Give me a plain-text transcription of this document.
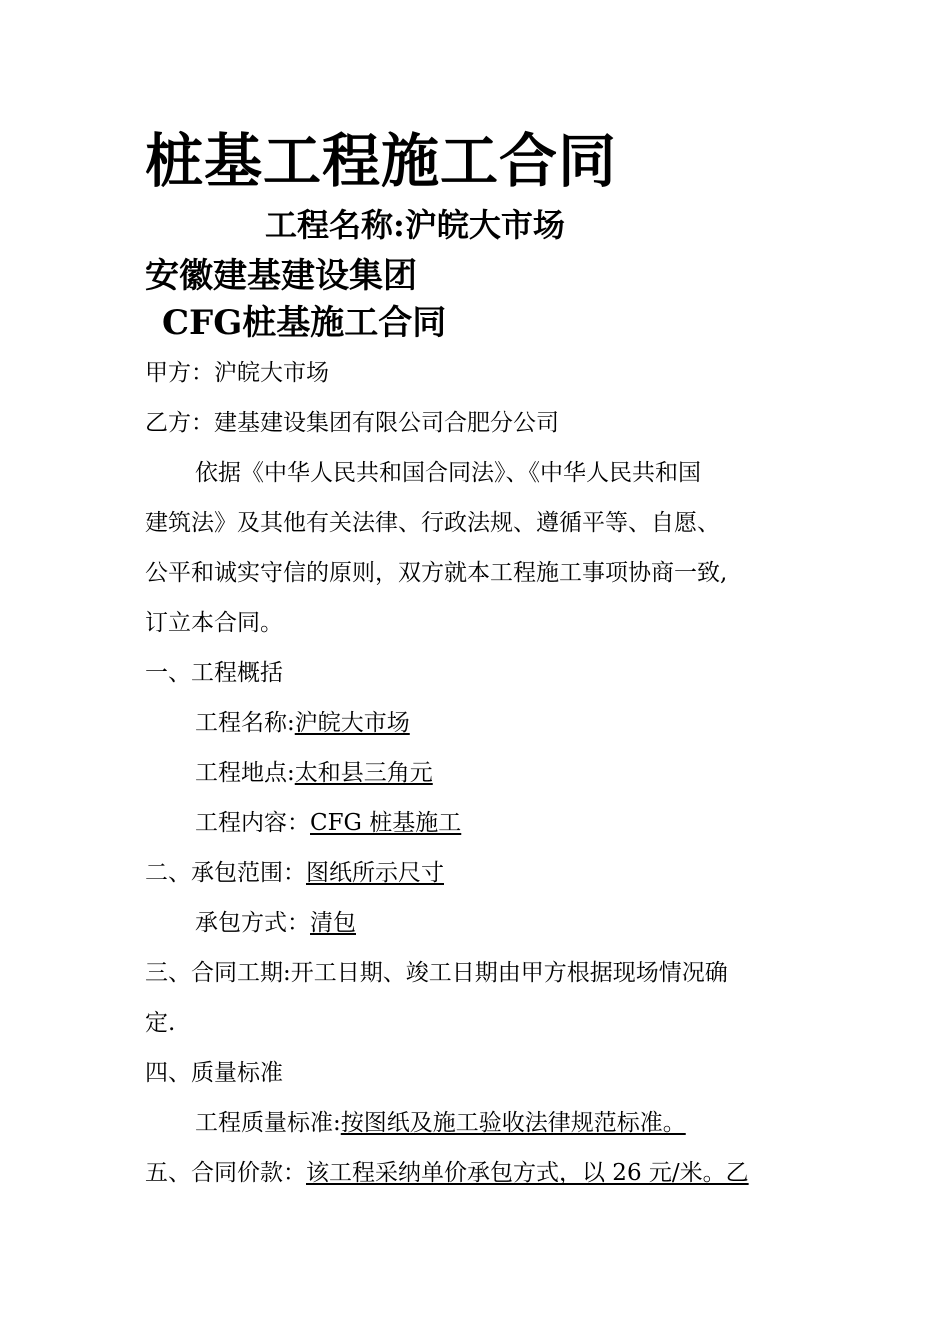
桩基工程施工合同
工程名称:沪皖大市场
安徽建基建设集团
CFG桩基施工合同
甲方：沪皖大市场
乙方：建基建设集团有限公司合肥分公司
依据《中华人民共和国合同法》、《中华人民共和国
建筑法》及其他有关法律、行政法规、遵循平等、自愿、
公平和诚实守信的原则，双方就本工程施工事项协商一致,
订立本合同。
一、工程概括
工程名称:沪皖大市场
工程地点:太和县三角元
工程内容：CFG 桩基施工
二、承包范围：图纸所示尺寸
承包方式：清包
三、合同工期:开工日期、竣工日期由甲方根据现场情况确
定.
四、质量标准
工程质量标准:按图纸及施工验收法律规范标准。
五、合同价款：该工程采纳单价承包方式，以 26 元/米。乙
